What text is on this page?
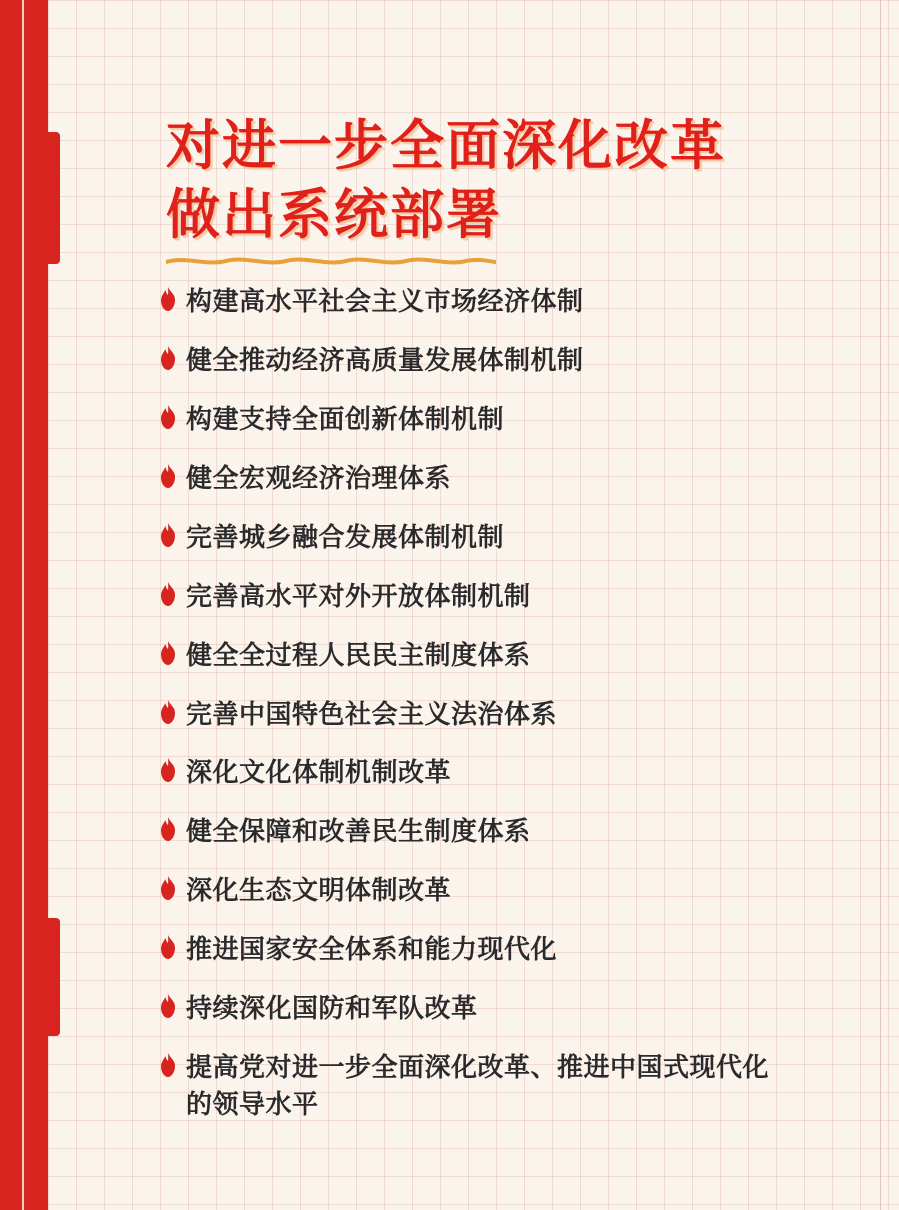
对进一步全面深化改革
做出系统部署
构建高水平社会主义市场经济体制
健全推动经济高质量发展体制机制
构建支持全面创新体制机制
健全宏观经济治理体系
完善城乡融合发展体制机制
完善高水平对外开放体制机制
健全全过程人民民主制度体系
完善中国特色社会主义法治体系
深化文化体制机制改革
健全保障和改善民生制度体系
深化生态文明体制改革
推进国家安全体系和能力现代化
持续深化国防和军队改革
提高党对进一步全面深化改革、推进中国式现代化的领导水平
